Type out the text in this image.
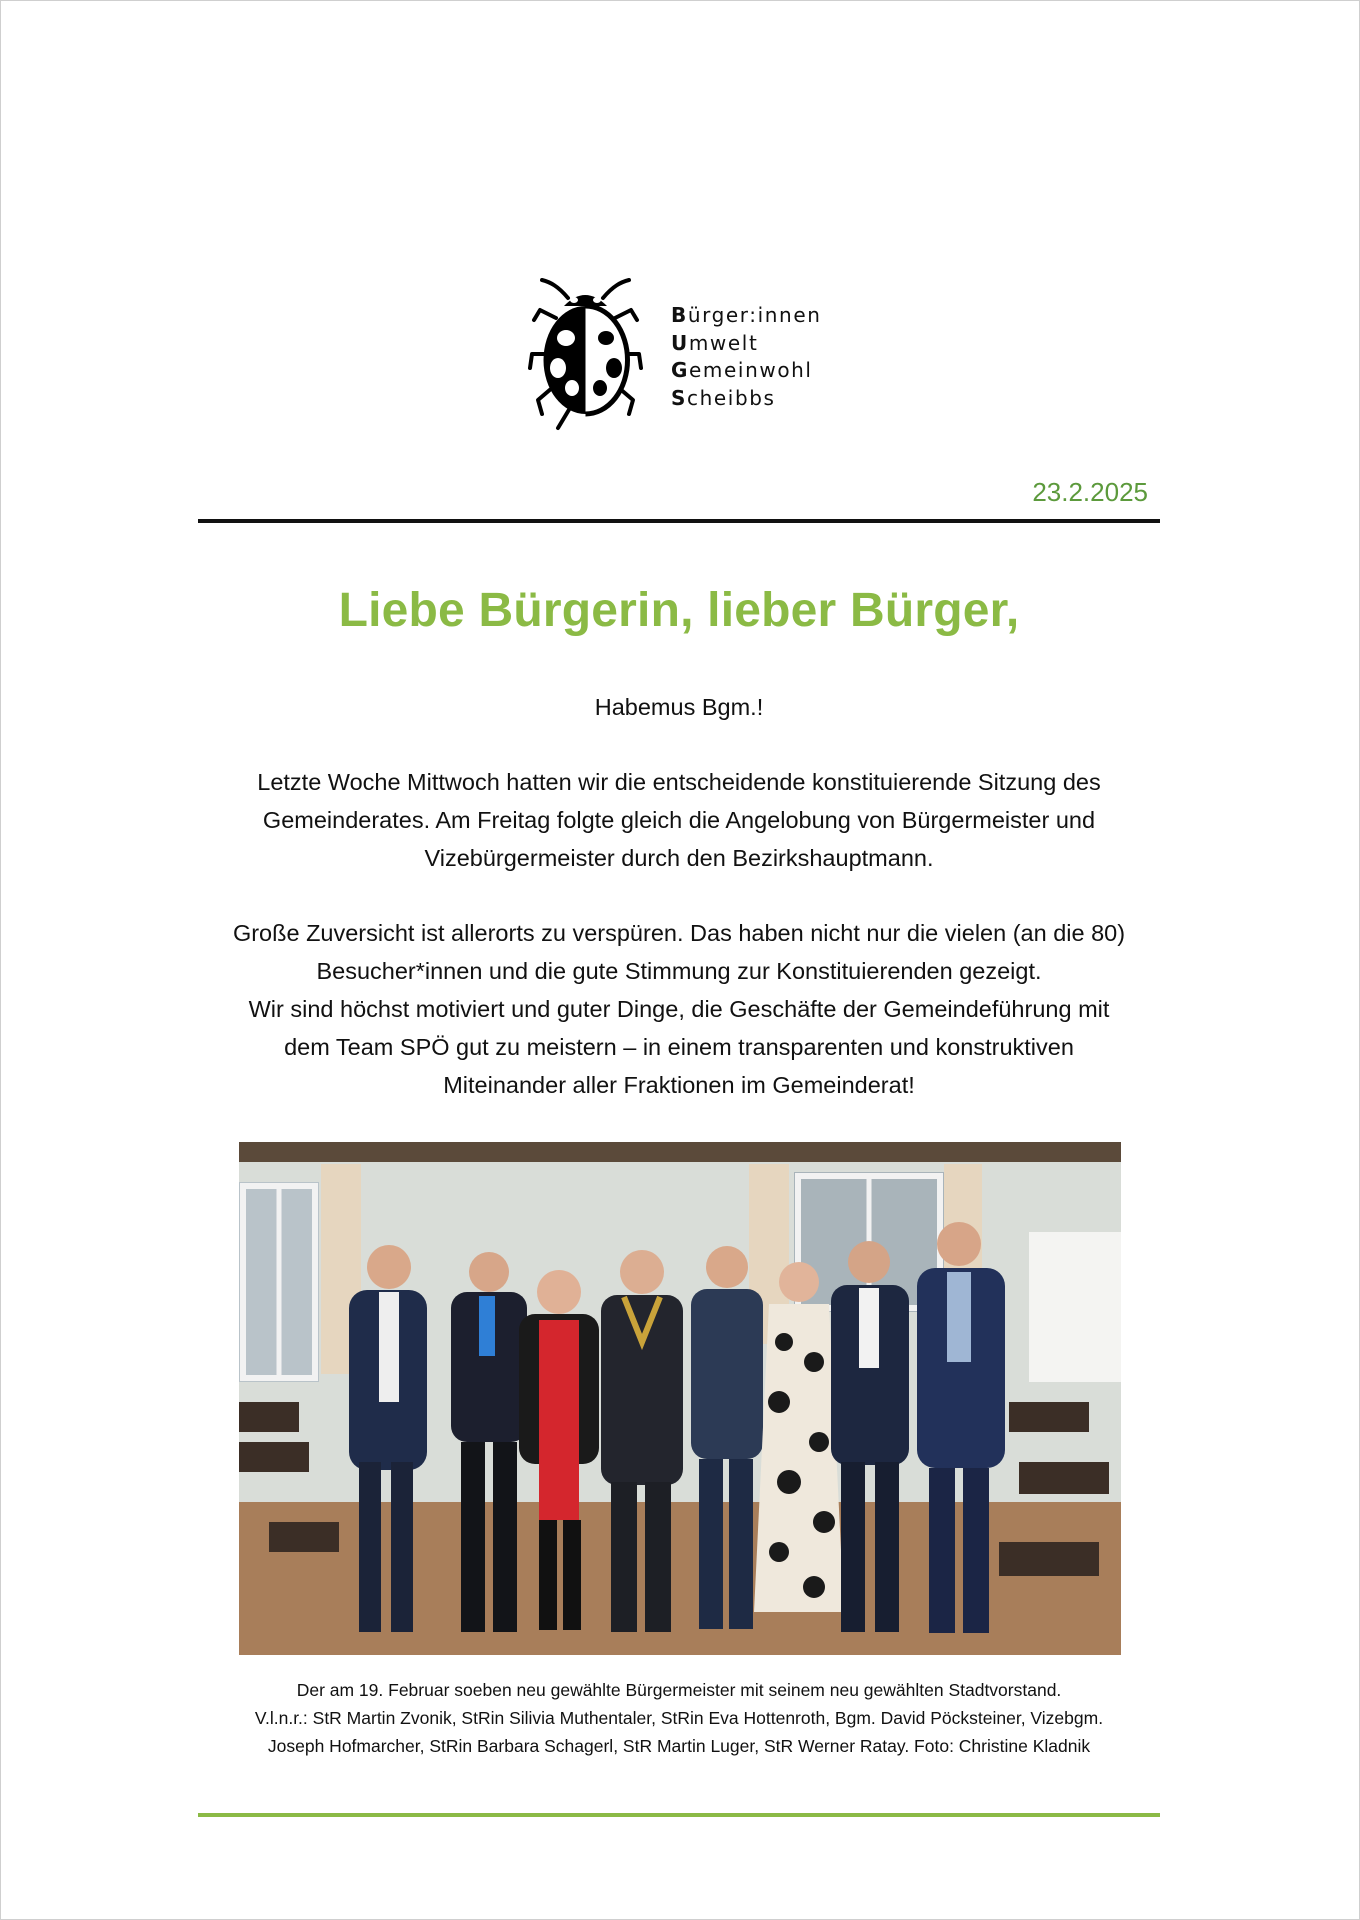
Bürger:innen
Umwelt
Gemeinwohl
Scheibbs
23.2.2025
Liebe Bürgerin, lieber Bürger,

Habemus Bgm.!

Letzte Woche Mittwoch hatten wir die entscheidende konstituierende Sitzung des

Gemeinderates. Am Freitag folgte gleich die Angelobung von Bürgermeister und

Vizebürgermeister durch den Bezirkshauptmann.

Große Zuversicht ist allerorts zu verspüren. Das haben nicht nur die vielen (an die 80)

Besucher*innen und die gute Stimmung zur Konstituierenden gezeigt.

Wir sind höchst motiviert und guter Dinge, die Geschäfte der Gemeindeführung mit

dem Team SPÖ gut zu meistern – in einem transparenten und konstruktiven

Miteinander aller Fraktionen im Gemeinderat!

Der am 19. Februar soeben neu gewählte Bürgermeister mit seinem neu gewählten Stadtvorstand.

V.l.n.r.: StR Martin Zvonik, StRin Silivia Muthentaler, StRin Eva Hottenroth, Bgm. David Pöcksteiner, Vizebgm.

Joseph Hofmarcher, StRin Barbara Schagerl, StR Martin Luger, StR Werner Ratay. Foto: Christine Kladnik
